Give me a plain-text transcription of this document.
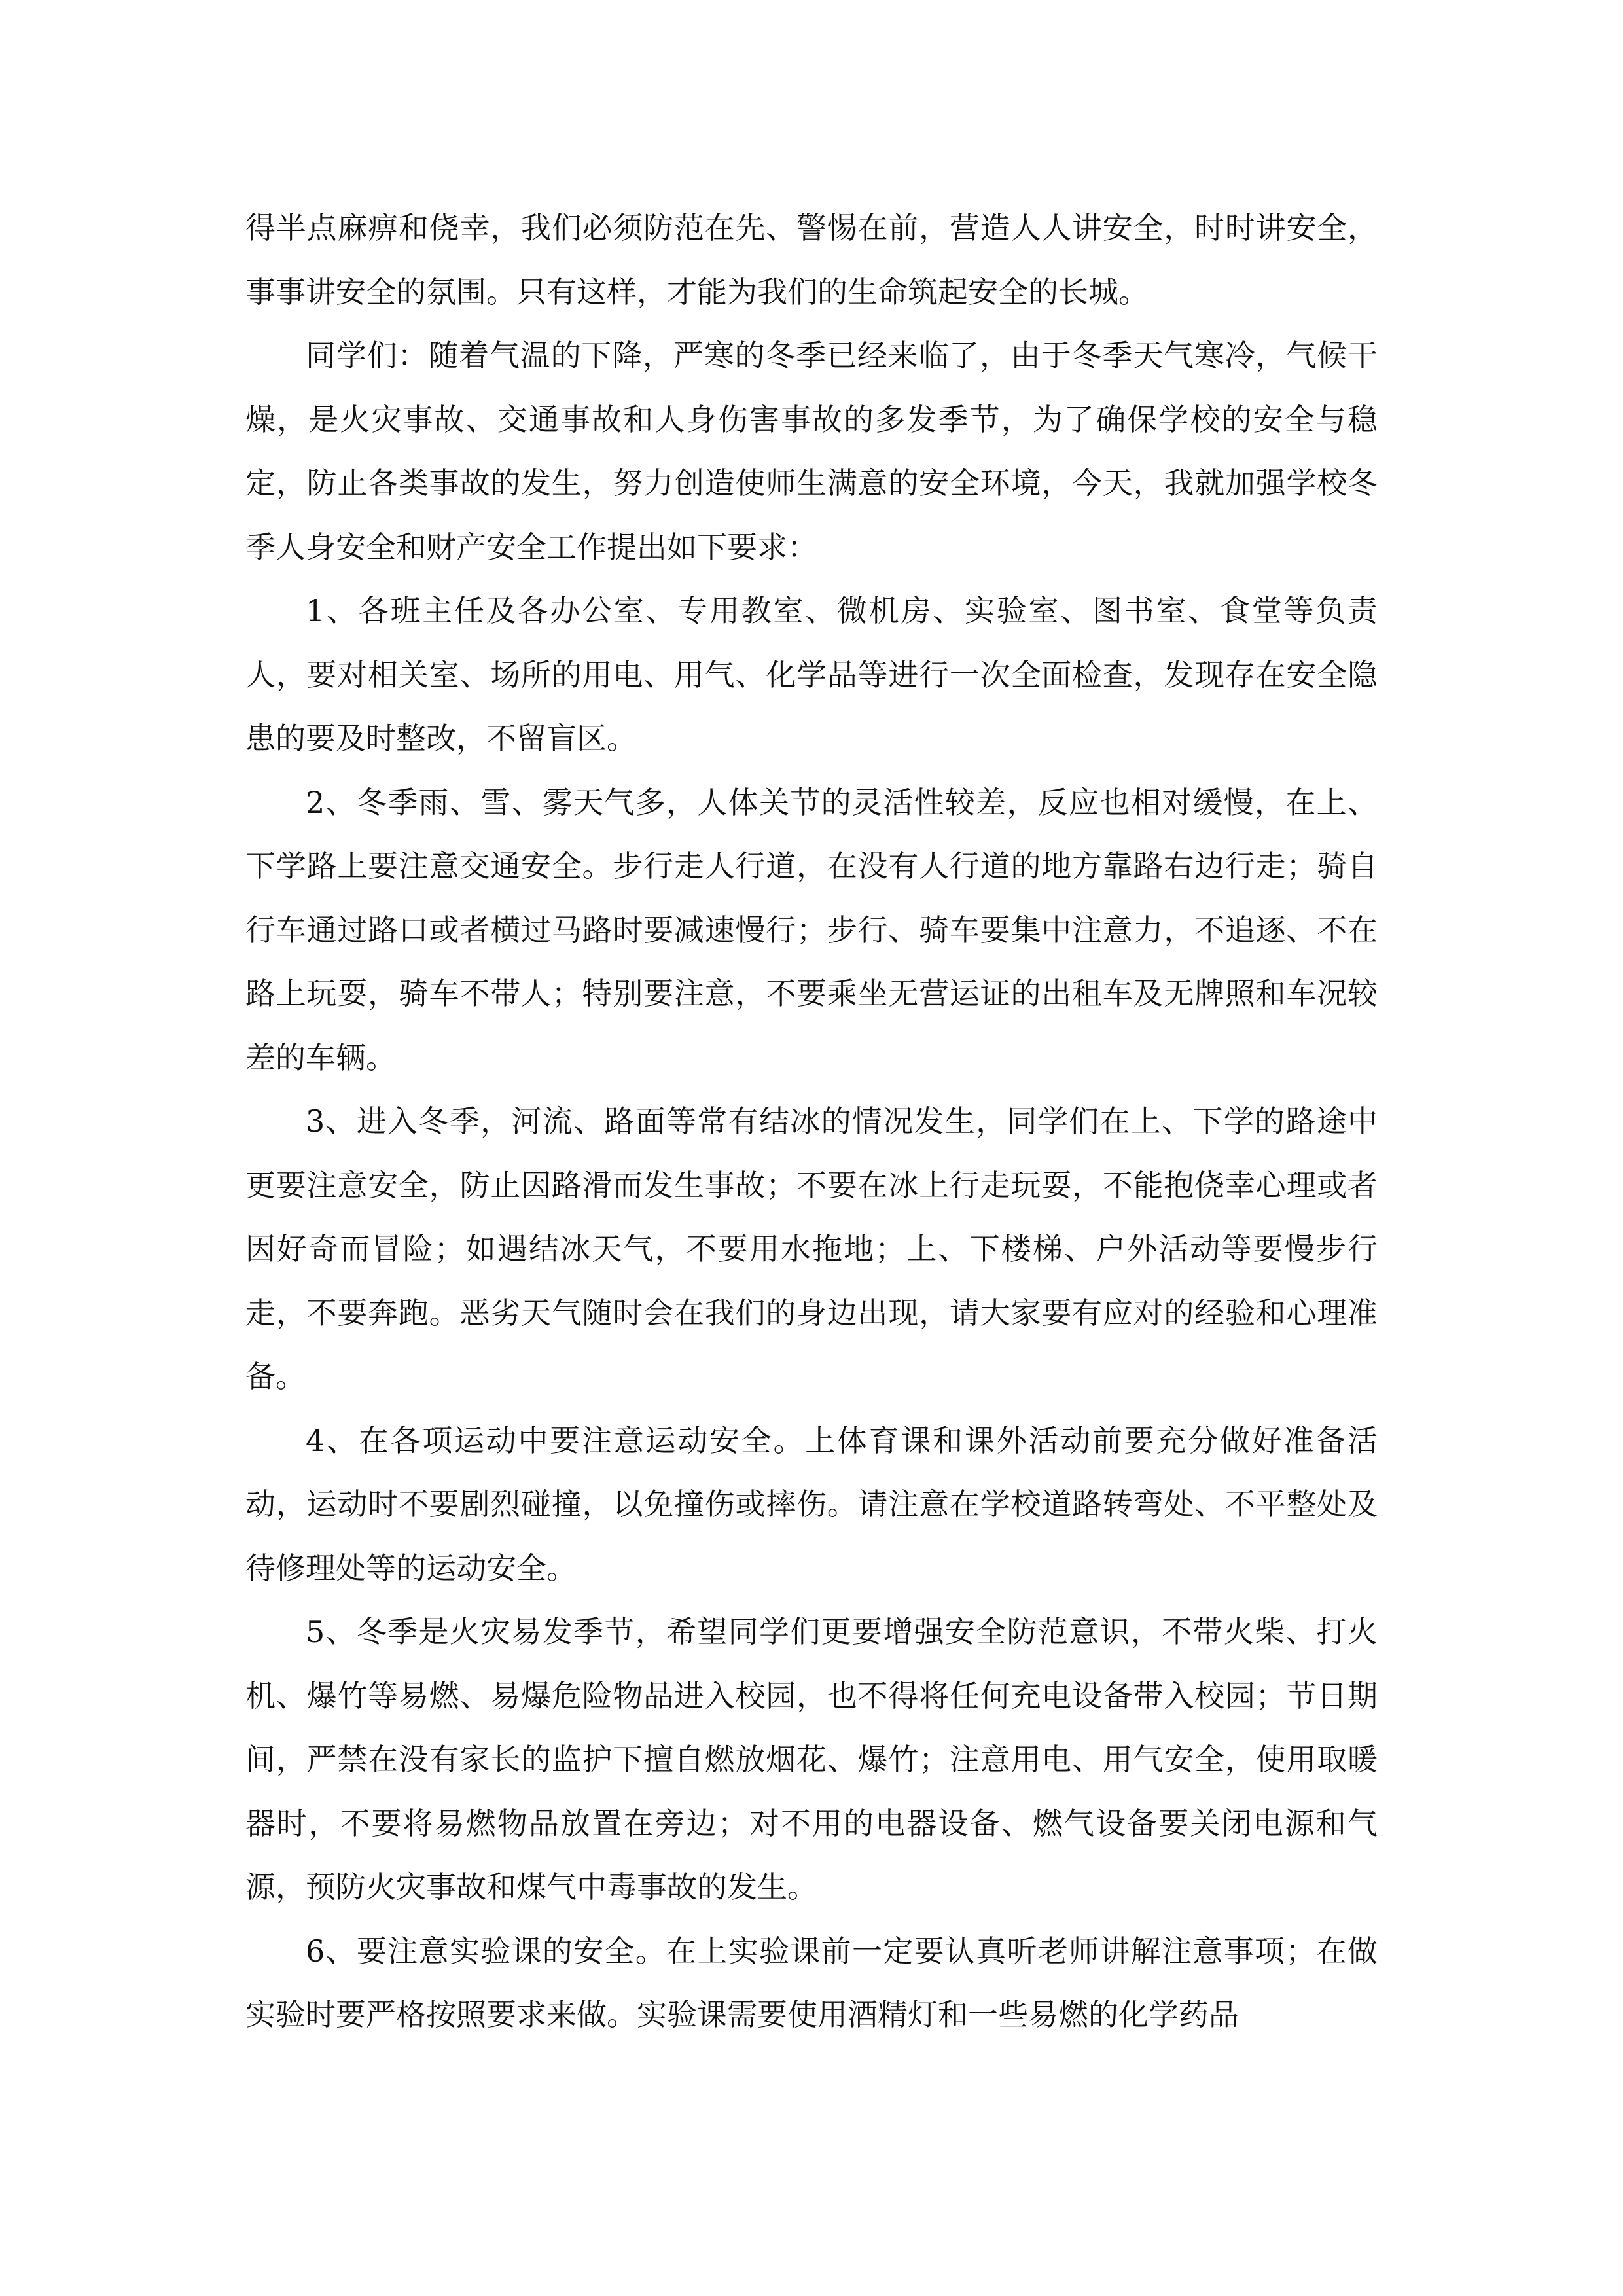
得半点麻痹和侥幸，我们必须防范在先、警惕在前，营造人人讲安全，时时讲安全，事事讲安全的氛围。只有这样，才能为我们的生命筑起安全的长城。

同学们：随着气温的下降，严寒的冬季已经来临了，由于冬季天气寒冷，气候干燥，是火灾事故、交通事故和人身伤害事故的多发季节，为了确保学校的安全与稳定，防止各类事故的发生，努力创造使师生满意的安全环境，今天，我就加强学校冬季人身安全和财产安全工作提出如下要求：

1、各班主任及各办公室、专用教室、微机房、实验室、图书室、食堂等负责人，要对相关室、场所的用电、用气、化学品等进行一次全面检查，发现存在安全隐患的要及时整改，不留盲区。

2、冬季雨、雪、雾天气多，人体关节的灵活性较差，反应也相对缓慢，在上、下学路上要注意交通安全。步行走人行道，在没有人行道的地方靠路右边行走；骑自行车通过路口或者横过马路时要减速慢行；步行、骑车要集中注意力，不追逐、不在路上玩耍，骑车不带人；特别要注意，不要乘坐无营运证的出租车及无牌照和车况较差的车辆。

3、进入冬季，河流、路面等常有结冰的情况发生，同学们在上、下学的路途中更要注意安全，防止因路滑而发生事故；不要在冰上行走玩耍，不能抱侥幸心理或者因好奇而冒险；如遇结冰天气，不要用水拖地；上、下楼梯、户外活动等要慢步行走，不要奔跑。恶劣天气随时会在我们的身边出现，请大家要有应对的经验和心理准备。

4、在各项运动中要注意运动安全。上体育课和课外活动前要充分做好准备活动，运动时不要剧烈碰撞，以免撞伤或摔伤。请注意在学校道路转弯处、不平整处及待修理处等的运动安全。

5、冬季是火灾易发季节，希望同学们更要增强安全防范意识，不带火柴、打火机、爆竹等易燃、易爆危险物品进入校园，也不得将任何充电设备带入校园；节日期间，严禁在没有家长的监护下擅自燃放烟花、爆竹；注意用电、用气安全，使用取暖器时，不要将易燃物品放置在旁边；对不用的电器设备、燃气设备要关闭电源和气源，预防火灾事故和煤气中毒事故的发生。

6、要注意实验课的安全。在上实验课前一定要认真听老师讲解注意事项；在做实验时要严格按照要求来做。实验课需要使用酒精灯和一些易燃的化学药品
